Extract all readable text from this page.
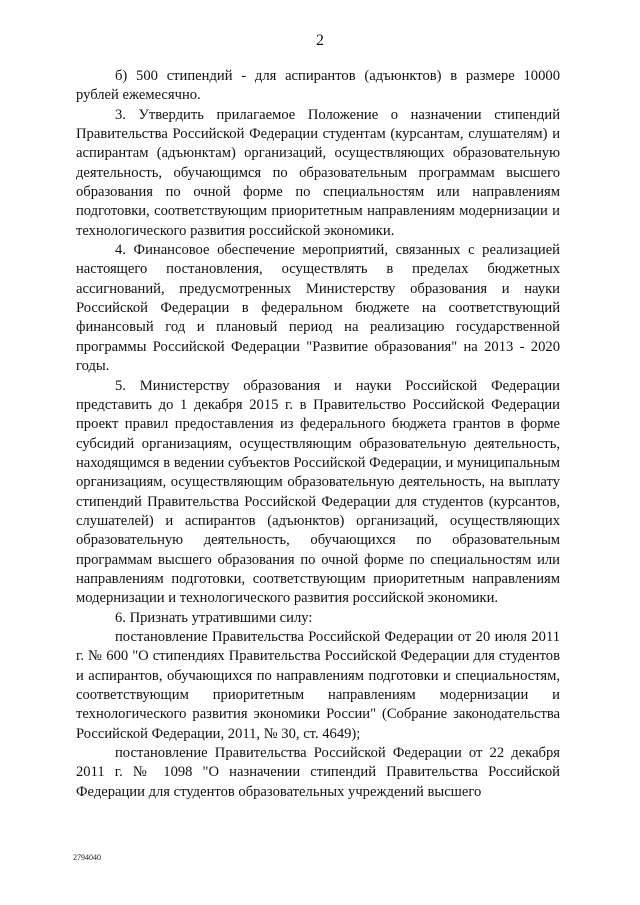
·
2

б) 500 стипендий - для аспирантов (адъюнктов) в размере 10000 рублей ежемесячно.

3. Утвердить прилагаемое Положение о назначении стипендий Правительства Российской Федерации студентам (курсантам, слушателям) и аспирантам (адъюнктам) организаций, осуществляющих образовательную деятельность, обучающимся по образовательным программам высшего образования по очной форме по специальностям или направлениям подготовки, соответствующим приоритетным направлениям модернизации и технологического развития российской экономики.

4. Финансовое обеспечение мероприятий, связанных с реализацией настоящего постановления, осуществлять в пределах бюджетных ассигнований, предусмотренных Министерству образования и науки Российской Федерации в федеральном бюджете на соответствующий финансовый год и плановый период на реализацию государственной программы Российской Федерации "Развитие образования" на 2013 - 2020 годы.

5. Министерству образования и науки Российской Федерации представить до 1 декабря 2015 г. в Правительство Российской Федерации проект правил предоставления из федерального бюджета грантов в форме субсидий организациям, осуществляющим образовательную деятельность, находящимся в ведении субъектов Российской Федерации, и муниципальным организациям, осуществляющим образовательную деятельность, на выплату стипендий Правительства Российской Федерации для студентов (курсантов, слушателей) и аспирантов (адъюнктов) организаций, осуществляющих образовательную деятельность, обучающихся по образовательным программам высшего образования по очной форме по специальностям или направлениям подготовки, соответствующим приоритетным направлениям модернизации и технологического развития российской экономики.

6. Признать утратившими силу:

постановление Правительства Российской Федерации от 20 июля 2011 г. № 600 "О стипендиях Правительства Российской Федерации для студентов и аспирантов, обучающихся по направлениям подготовки и специальностям, соответствующим приоритетным направлениям модернизации и технологического развития экономики России" (Собрание законодательства Российской Федерации, 2011, № 30, ст. 4649);

постановление Правительства Российской Федерации от 22 декабря 2011 г. № 1098 "О назначении стипендий Правительства Российской Федерации для студентов образовательных учреждений высшего

2794040
